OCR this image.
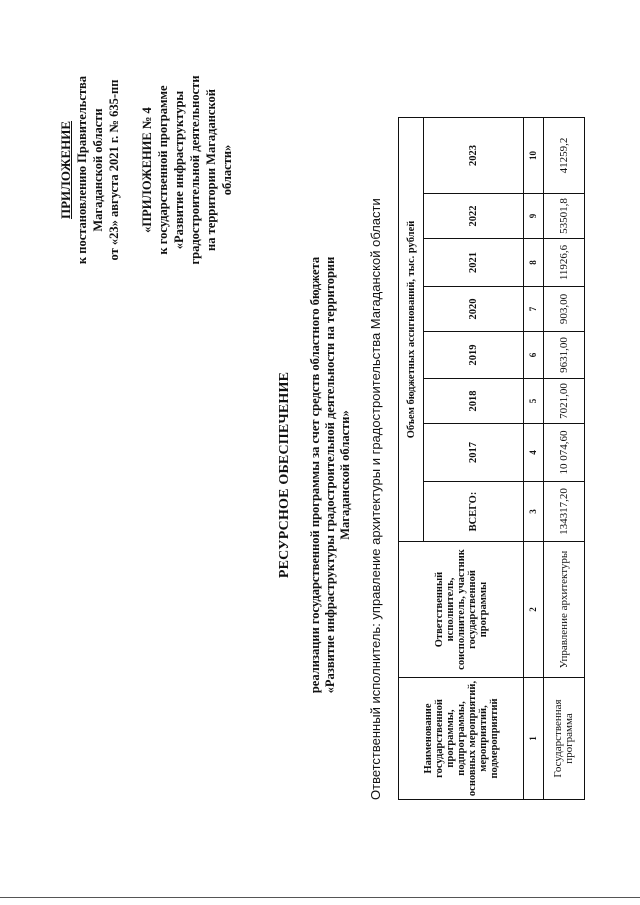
ПРИЛОЖЕНИЕ к постановлению Правительства Магаданской области от «23» августа 2021 г. № 635-пп «ПРИЛОЖЕНИЕ № 4 к государственной программе «Развитие инфраструктуры градостроительной деятельности на территории Магаданской области»
РЕСУРСНОЕ ОБЕСПЕЧЕНИЕ реализации государственной программы за счет средств областного бюджета «Развитие инфраструктуры градостроительной деятельности на территории Магаданской области» Ответственный исполнитель: управление архитектуры и градостроительства Магаданской области	Наименование государственной программы, подпрограммы, основных мероприятий, мероприятий, подмероприятий	Ответственный исполнитель, соисполнитель, участник государственной программы	Объем бюджетных ассигнований, тыс. рублей							
		ВСЕГО:	2017	2018	2019	2020	2021	2022	2023
1	2	3	4	5	6	7	8	9	10
Государственная программа	Управление архитектуры	134317,20	10 074,60	7021,00	9631,00	903,00	11926,6	53501,8	41259,2
